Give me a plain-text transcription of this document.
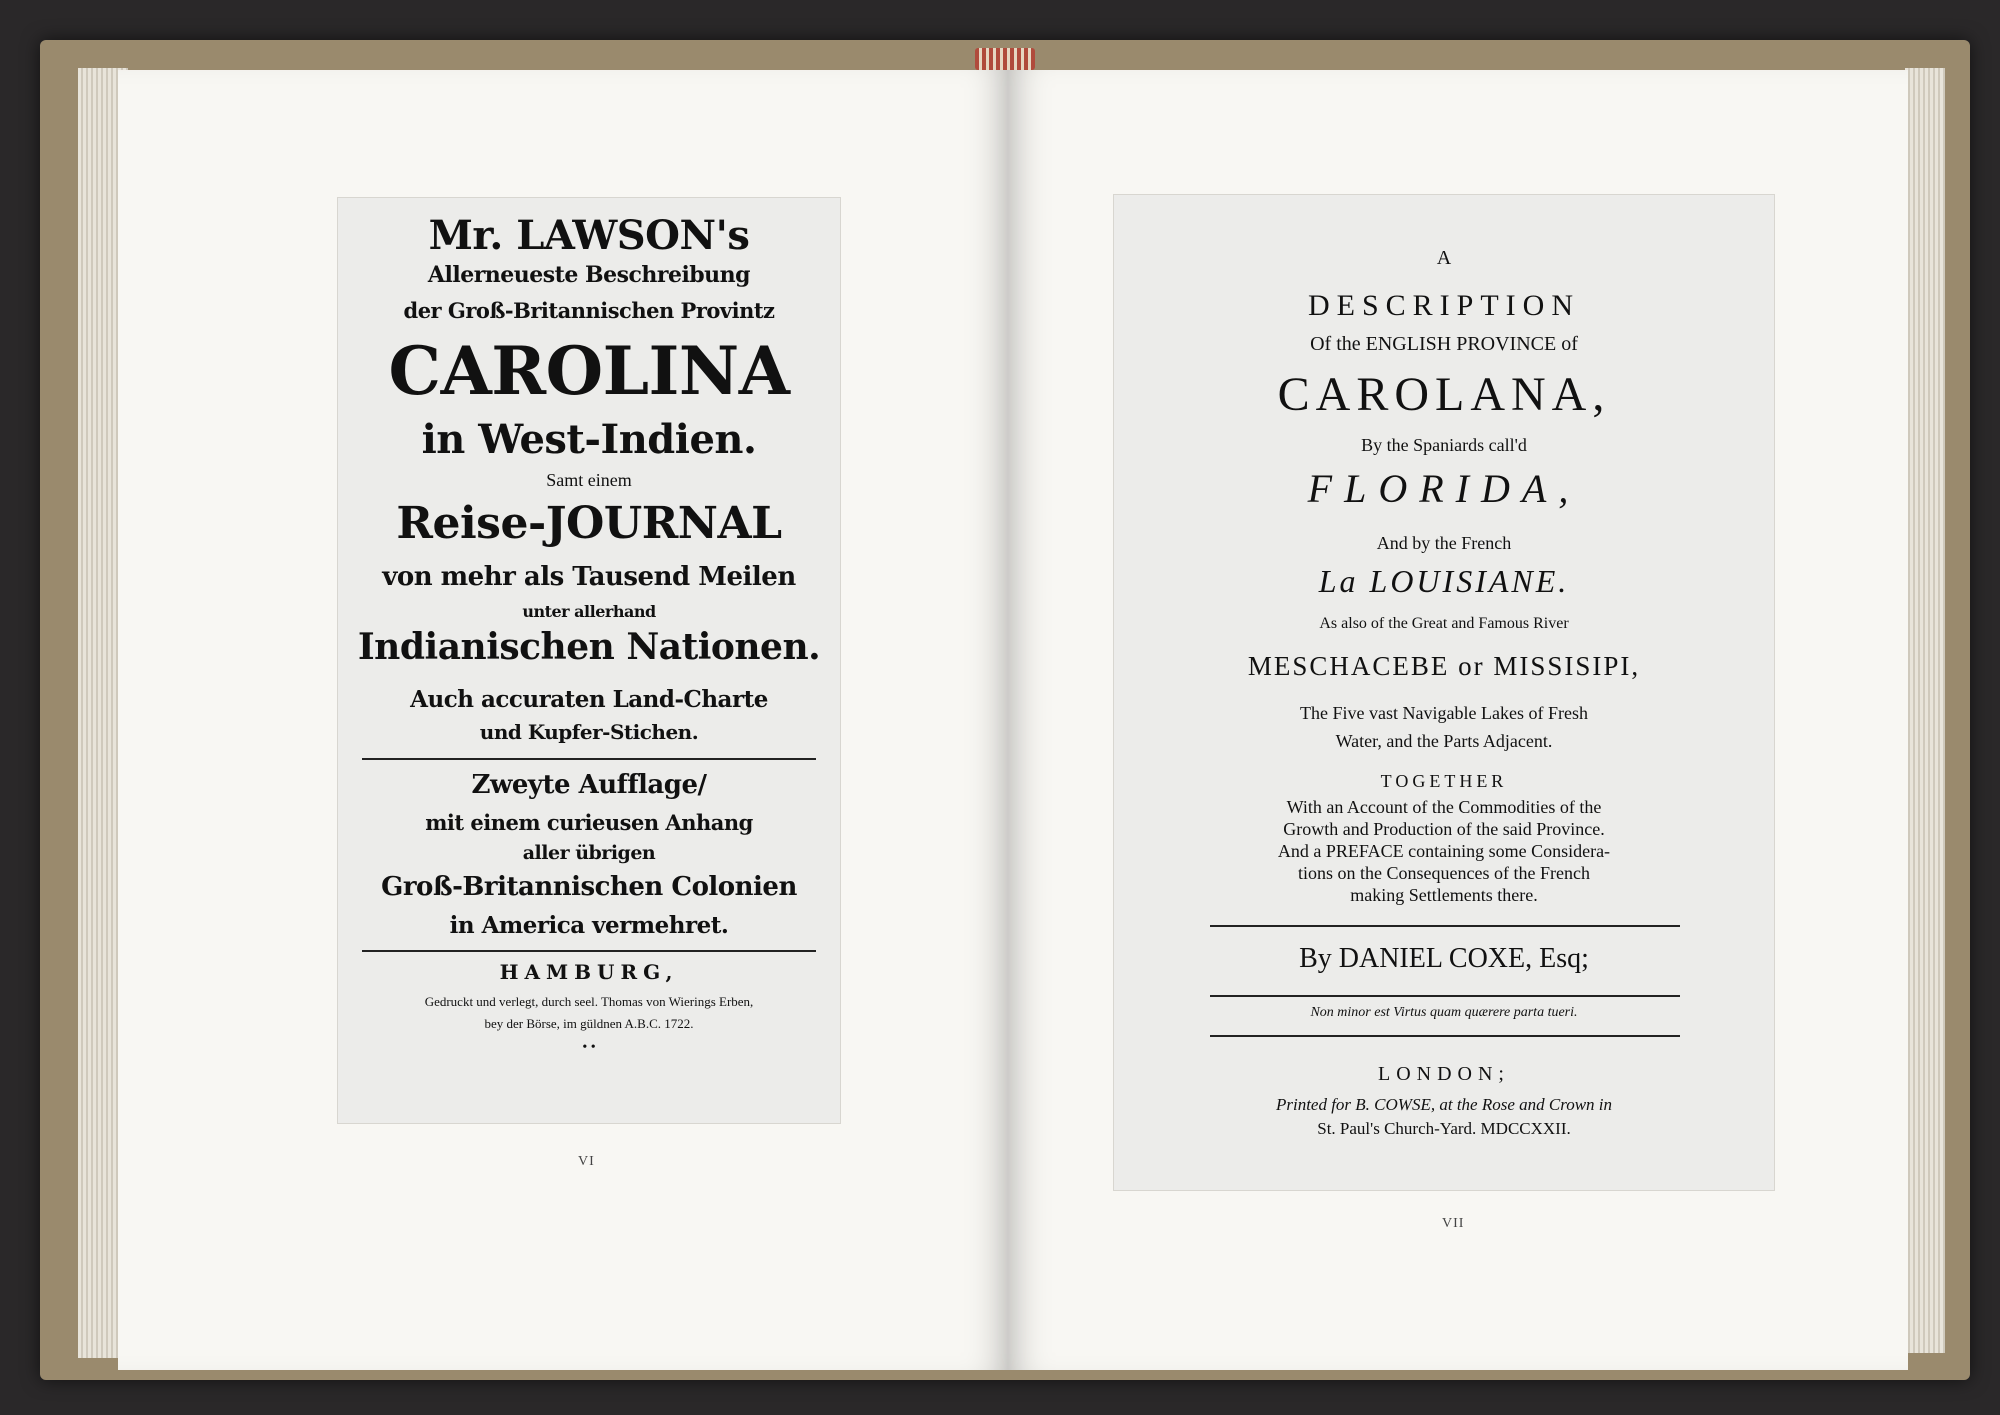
Mr. LAWSON's
Allerneueste Beschreibung
der Groß-Britannischen Provintz
CAROLINA
in West-Indien.
Samt einem
Reise-JOURNAL
von mehr als Tausend Meilen
unter allerhand
Indianischen Nationen.
Auch accuraten Land-Charte
und Kupfer-Stichen.
Zweyte Aufflage/
mit einem curieusen Anhang
aller übrigen
Groß-Britannischen Colonien
in America vermehret.
HAMBURG,
Gedruckt und verlegt, durch seel. Thomas von Wierings Erben,
bey der Börse, im güldnen A.B.C. 1722.
• •
VI
A
DESCRIPTION
Of the ENGLISH PROVINCE of
CAROLANA,
By the Spaniards call'd
FLORIDA,
And by the French
La LOUISIANE.
As also of the Great and Famous River
MESCHACEBE or MISSISIPI,
The Five vast Navigable Lakes of Fresh
Water, and the Parts Adjacent.
TOGETHER
With an Account of the Commodities of the
Growth and Production of the said Province.
And a PREFACE containing some Considera-
tions on the Consequences of the French
making Settlements there.
By DANIEL COXE, Esq;
Non minor est Virtus quam quærere parta tueri.
LONDON;
Printed for B. COWSE, at the Rose and Crown in
St. Paul's Church-Yard. MDCCXXII.
VII
